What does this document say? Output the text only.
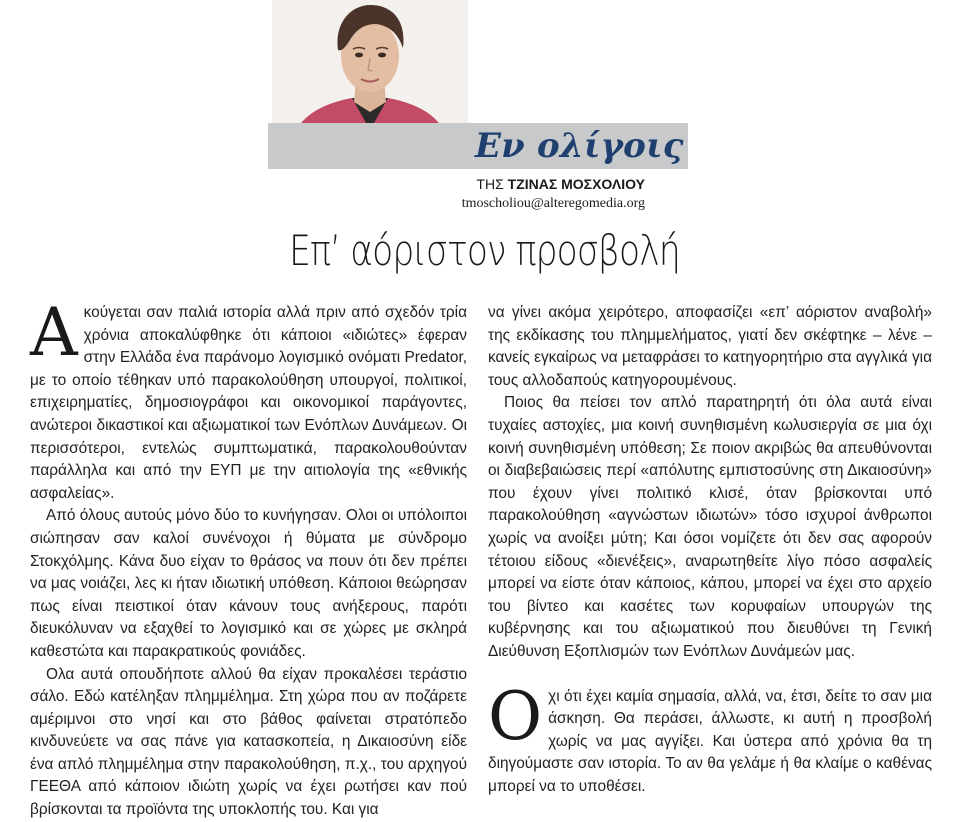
Εν ολίγοις
ΤΗΣ ΤΖΙΝΑΣ ΜΟΣΧΟΛΙΟΥ
tmoscholiou@alteregomedia.org
Επ’ αόριστον προσβολή

Ακούγεται σαν παλιά ιστορία αλλά πριν από σχεδόν τρία χρόνια αποκαλύφθηκε ότι κάποιοι «ιδιώτες» έφεραν στην Ελλάδα ένα παράνομο λογισμικό ονόματι Predator, με το οποίο τέθηκαν υπό παρακολούθηση υπουργοί, πολιτικοί, επιχειρηματίες, δημοσιογράφοι και οικονομικοί παράγοντες, ανώτεροι δικαστικοί και αξιωματικοί των Ενόπλων Δυνάμεων. Οι περισσότεροι, εντελώς συμπτωματικά, παρακολουθούνταν παράλληλα και από την ΕΥΠ με την αιτιολογία της «εθνικής ασφαλείας».

Από όλους αυτούς μόνο δύο το κυνήγησαν. Ολοι οι υπόλοιποι σιώπησαν σαν καλοί συνένοχοι ή θύματα με σύνδρομο Στοκχόλμης. Κάνα δυο είχαν το θράσος να πουν ότι δεν πρέπει να μας νοιάζει, λες κι ήταν ιδιωτική υπόθεση. Κάποιοι θεώρησαν πως είναι πειστικοί όταν κάνουν τους ανήξερους, παρότι διευκόλυναν να εξαχθεί το λογισμικό και σε χώρες με σκληρά καθεστώτα και παρακρατικούς φονιάδες.

Ολα αυτά οπουδήποτε αλλού θα είχαν προκαλέσει τεράστιο σάλο. Εδώ κατέληξαν πλημμέλημα. Στη χώρα που αν ποζάρετε αμέριμνοι στο νησί και στο βάθος φαίνεται στρατόπεδο κινδυνεύετε να σας πάνε για κατασκοπεία, η Δικαιοσύνη είδε ένα απλό πλημμέλημα στην παρακολούθηση, π.χ., του αρχηγού ΓΕΕΘΑ από κάποιον ιδιώτη χωρίς να έχει ρωτήσει καν πού βρίσκονται τα προϊόντα της υποκλοπής του. Και για

να γίνει ακόμα χειρότερο, αποφασίζει «επ’ αόριστον αναβολή» της εκδίκασης του πλημμελήματος, γιατί δεν σκέφτηκε – λένε – κανείς εγκαίρως να μεταφράσει το κατηγορητήριο στα αγγλικά για τους αλλοδαπούς κατηγορουμένους.

Ποιος θα πείσει τον απλό παρατηρητή ότι όλα αυτά είναι τυχαίες αστοχίες, μια κοινή συνηθισμένη κωλυσιεργία σε μια όχι κοινή συνηθισμένη υπόθεση; Σε ποιον ακριβώς θα απευθύνονται οι διαβεβαιώσεις περί «απόλυτης εμπιστοσύνης στη Δικαιοσύνη» που έχουν γίνει πολιτικό κλισέ, όταν βρίσκονται υπό παρακολούθηση «αγνώστων ιδιωτών» τόσο ισχυροί άνθρωποι χωρίς να ανοίξει μύτη; Και όσοι νομίζετε ότι δεν σας αφορούν τέτοιου είδους «διενέξεις», αναρωτηθείτε λίγο πόσο ασφαλείς μπορεί να είστε όταν κάποιος, κάπου, μπορεί να έχει στο αρχείο του βίντεο και κασέτες των κορυφαίων υπουργών της κυβέρνησης και του αξιωματικού που διευθύνει τη Γενική Διεύθυνση Εξοπλισμών των Ενόπλων Δυνάμεών μας.

Οχι ότι έχει καμία σημασία, αλλά, να, έτσι, δείτε το σαν μια άσκηση. Θα περάσει, άλλωστε, κι αυτή η προσβολή χωρίς να μας αγγίξει. Και ύστερα από χρόνια θα τη διηγούμαστε σαν ιστορία. Το αν θα γελάμε ή θα κλαίμε ο καθένας μπορεί να το υποθέσει.
